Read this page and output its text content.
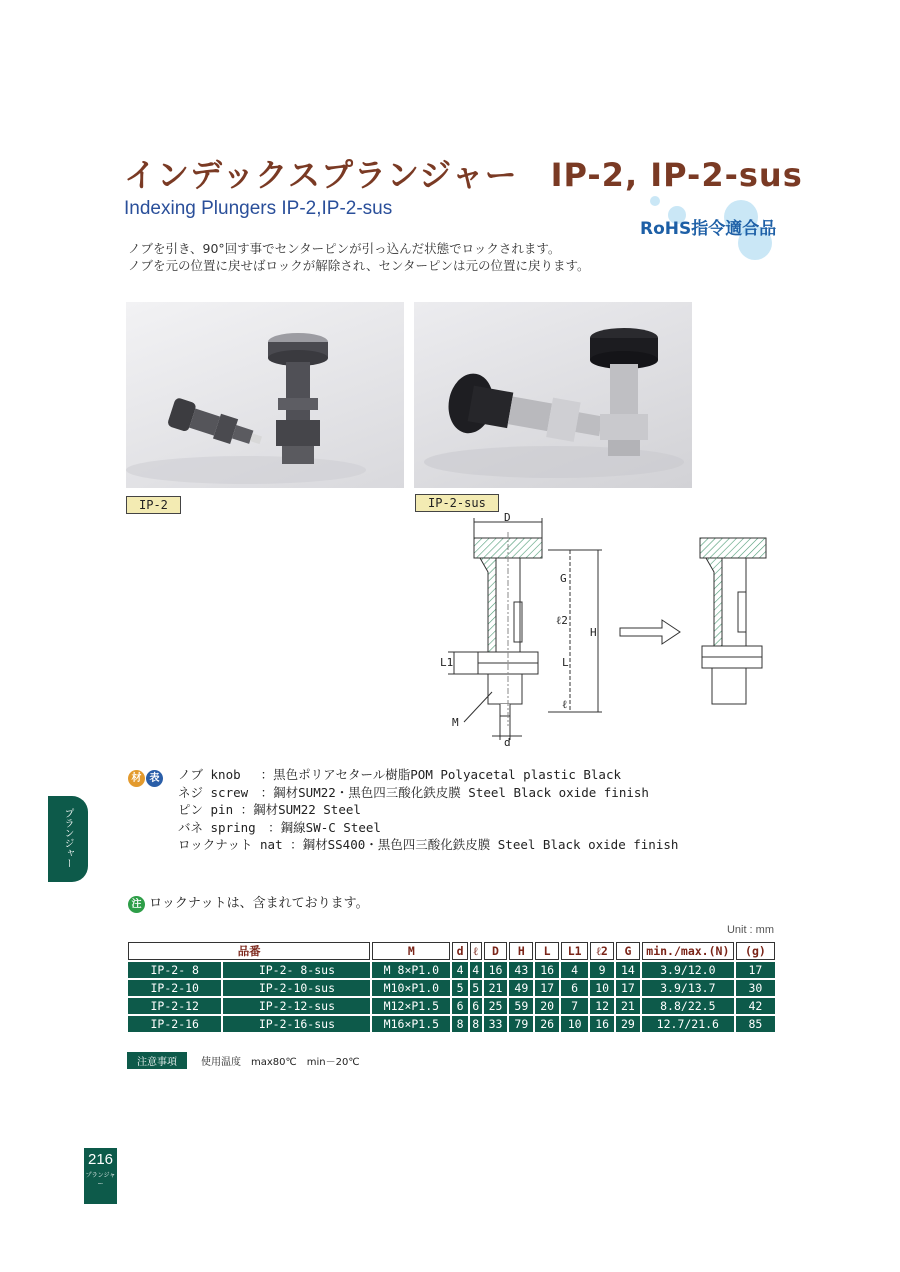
インデックスプランジャー　IP-2, IP-2-sus
Indexing Plungers IP-2,IP-2-sus
RoHS指令適合品
ノブを引き、90°回す事でセンターピンが引っ込んだ状態でロックされます。
ノブを元の位置に戻せばロックが解除され、センターピンは元の位置に戻ります。
IP-2	IP-2-sus
D
G
ℓ2
H
L1	L
ℓ
M
d
材 表 ノブ knob　 ：黒色ポリアセタール樹脂POM Polyacetal plastic Black
ネジ screw　：鋼材SUM22・黒色四三酸化鉄皮膜 Steel Black oxide finish
ピン pin ：鋼材SUM22 Steel
バネ spring　：鋼線SW-C Steel
ロックナット nat ：鋼材SS400・黒色四三酸化鉄皮膜 Steel Black oxide finish
プランジャー
注 ロックナットは、含まれております。
Unit : mm
品番		M	d	ℓ	D	H	L	L1	ℓ2	G	min./max.(N)	(g)
IP-2- 8	IP-2- 8-sus	M 8×P1.0	4	4	16	43	16	4	9	14	3.9/12.0	17
IP-2-10	IP-2-10-sus	M10×P1.0	5	5	21	49	17	6	10	17	3.9/13.7	30
IP-2-12	IP-2-12-sus	M12×P1.5	6	6	25	59	20	7	12	21	8.8/22.5	42
IP-2-16	IP-2-16-sus	M16×P1.5	8	8	33	79	26	10	16	29	12.7/21.6	85
注意事項	使用温度　max80℃　min－20℃
216
プランジャー
